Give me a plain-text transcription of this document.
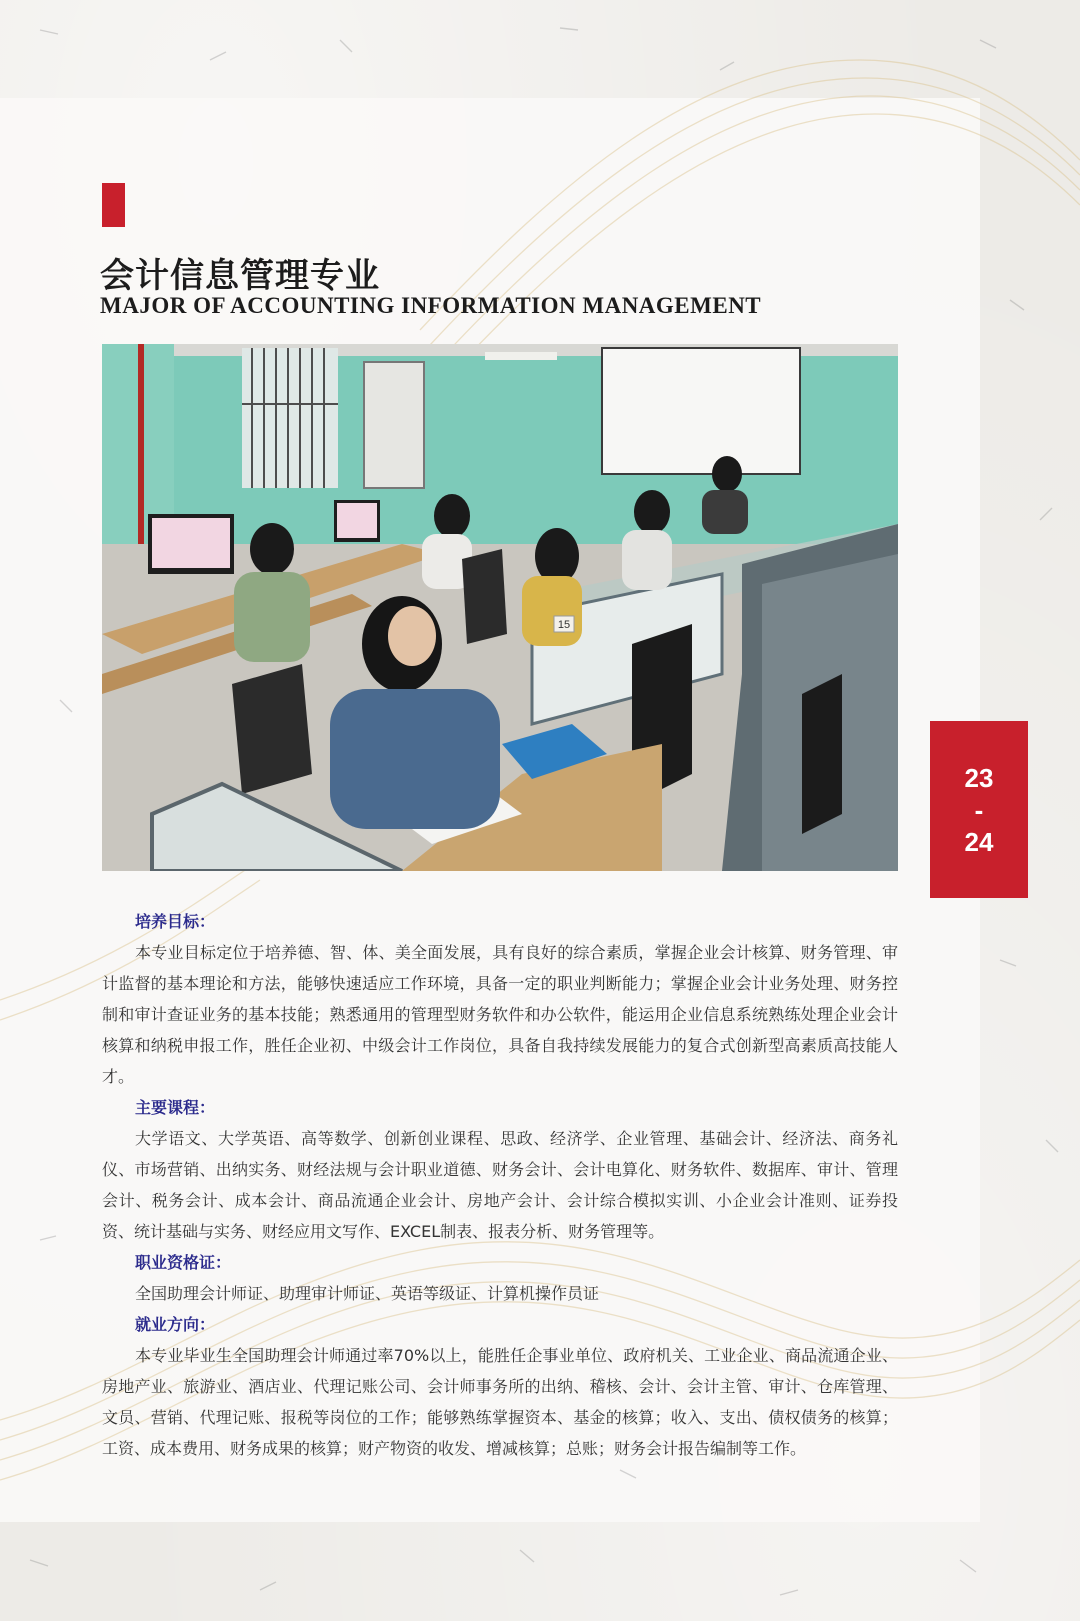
会计信息管理专业
MAJOR OF ACCOUNTING INFORMATION MANAGEMENT
15
23
-
24
培养目标：

本专业目标定位于培养德、智、体、美全面发展，具有良好的综合素质，掌握企业会计核算、财务管理、审计监督的基本理论和方法，能够快速适应工作环境，具备一定的职业判断能力；掌握企业会计业务处理、财务控制和审计查证业务的基本技能；熟悉通用的管理型财务软件和办公软件，能运用企业信息系统熟练处理企业会计核算和纳税申报工作，胜任企业初、中级会计工作岗位，具备自我持续发展能力的复合式创新型高素质高技能人才。

主要课程：

大学语文、大学英语、高等数学、创新创业课程、思政、经济学、企业管理、基础会计、经济法、商务礼仪、市场营销、出纳实务、财经法规与会计职业道德、财务会计、会计电算化、财务软件、数据库、审计、管理会计、税务会计、成本会计、商品流通企业会计、房地产会计、会计综合模拟实训、小企业会计准则、证券投资、统计基础与实务、财经应用文写作、EXCEL制表、报表分析、财务管理等。

职业资格证：

全国助理会计师证、助理审计师证、英语等级证、计算机操作员证

就业方向：

本专业毕业生全国助理会计师通过率70%以上，能胜任企事业单位、政府机关、工业企业、商品流通企业、房地产业、旅游业、酒店业、代理记账公司、会计师事务所的出纳、稽核、会计、会计主管、审计、仓库管理、文员、营销、代理记账、报税等岗位的工作；能够熟练掌握资本、基金的核算；收入、支出、债权债务的核算；工资、成本费用、财务成果的核算；财产物资的收发、增减核算；总账；财务会计报告编制等工作。
